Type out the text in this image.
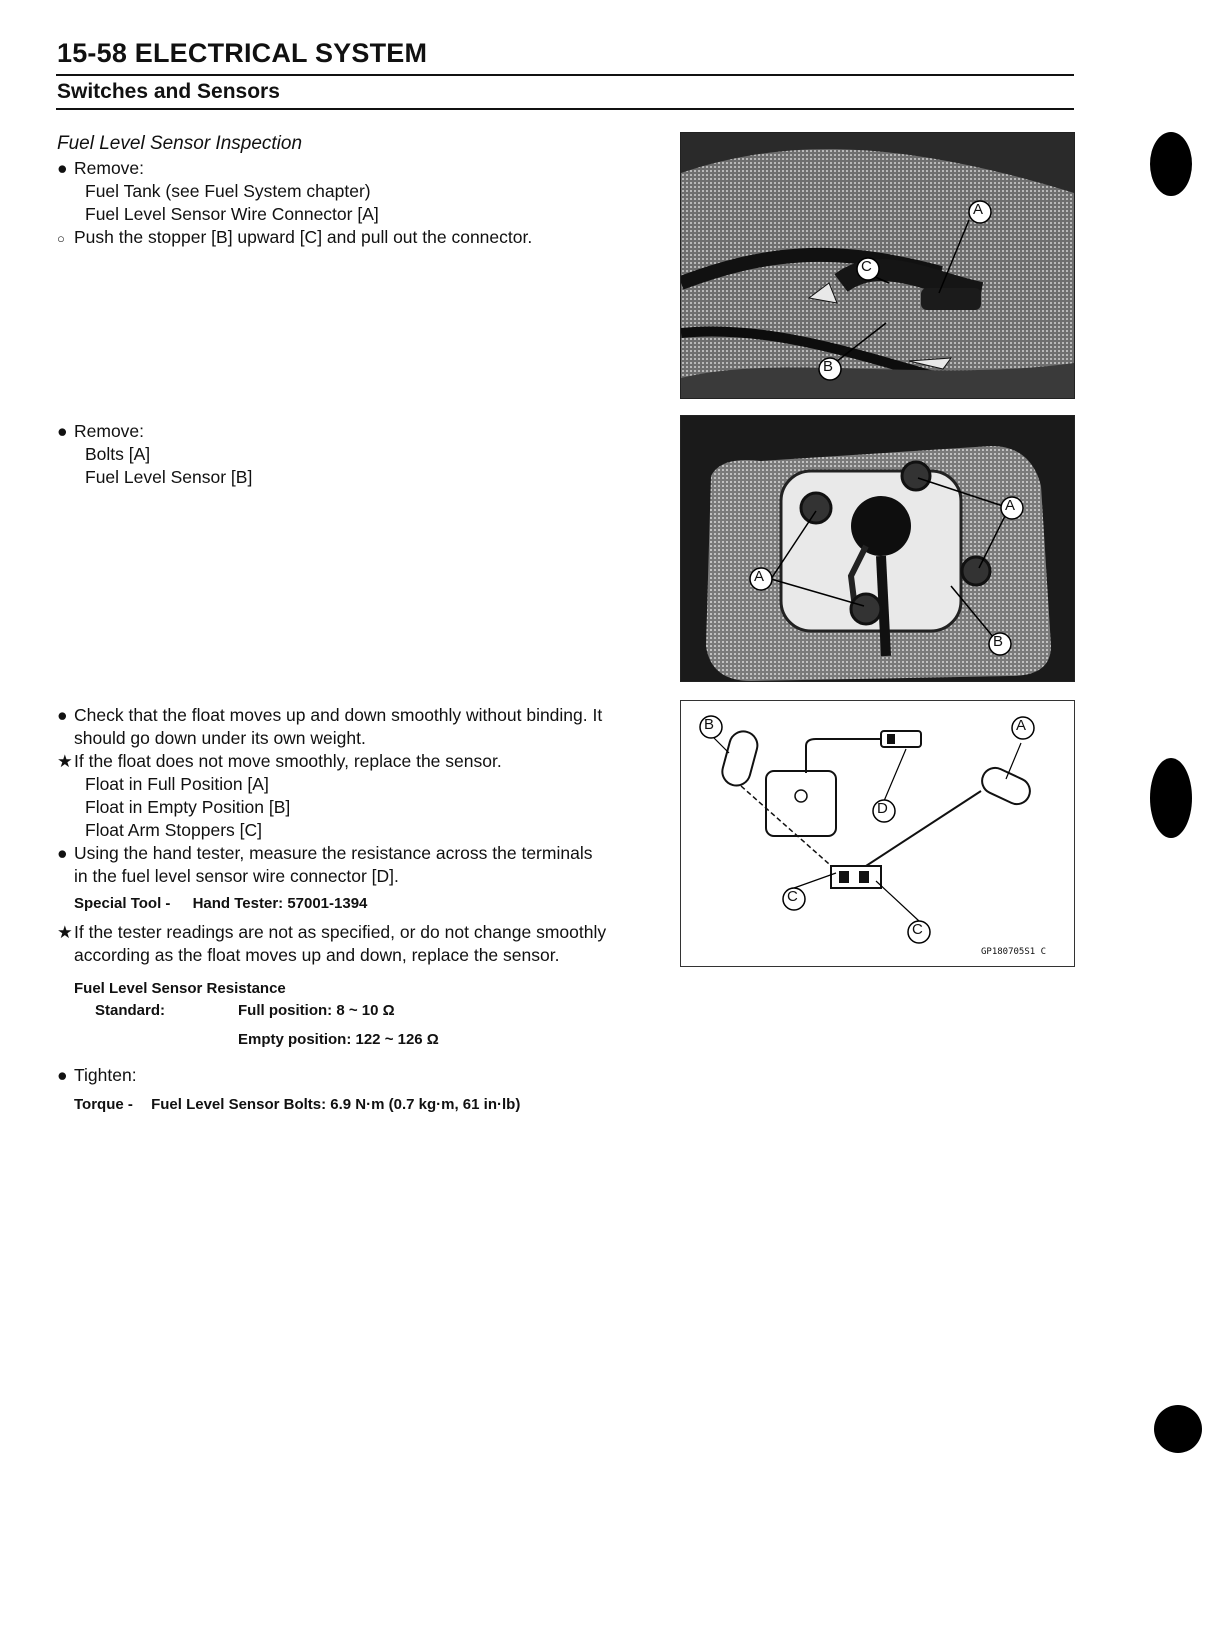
15-58 ELECTRICAL SYSTEM
Switches and Sensors
Fuel Level Sensor Inspection
● Remove:
Fuel Tank (see Fuel System chapter)
Fuel Level Sensor Wire Connector [A]
○ Push the stopper [B] upward [C] and pull out the connector.
● Remove:
Bolts [A]
Fuel Level Sensor [B]
● Check that the float moves up and down smoothly without binding. It
should go down under its own weight.
★If the float does not move smoothly, replace the sensor.
Float in Full Position [A]
Float in Empty Position [B]
Float Arm Stoppers [C]
● Using the hand tester, measure the resistance across the terminals
in the fuel level sensor wire connector [D].
Special Tool - Hand Tester: 57001-1394
★If the tester readings are not as specified, or do not change smoothly
according as the float moves up and down, replace the sensor.
Fuel Level Sensor Resistance
Standard:	Full position: 8 ~ 10 Ω
Empty position: 122 ~ 126 Ω
● Tighten:
Torque - Fuel Level Sensor Bolts: 6.9 N·m (0.7 kg·m, 61 in·lb)
A
B
C
A
A
B
A
B
C
C
D
GP180705S1 C
